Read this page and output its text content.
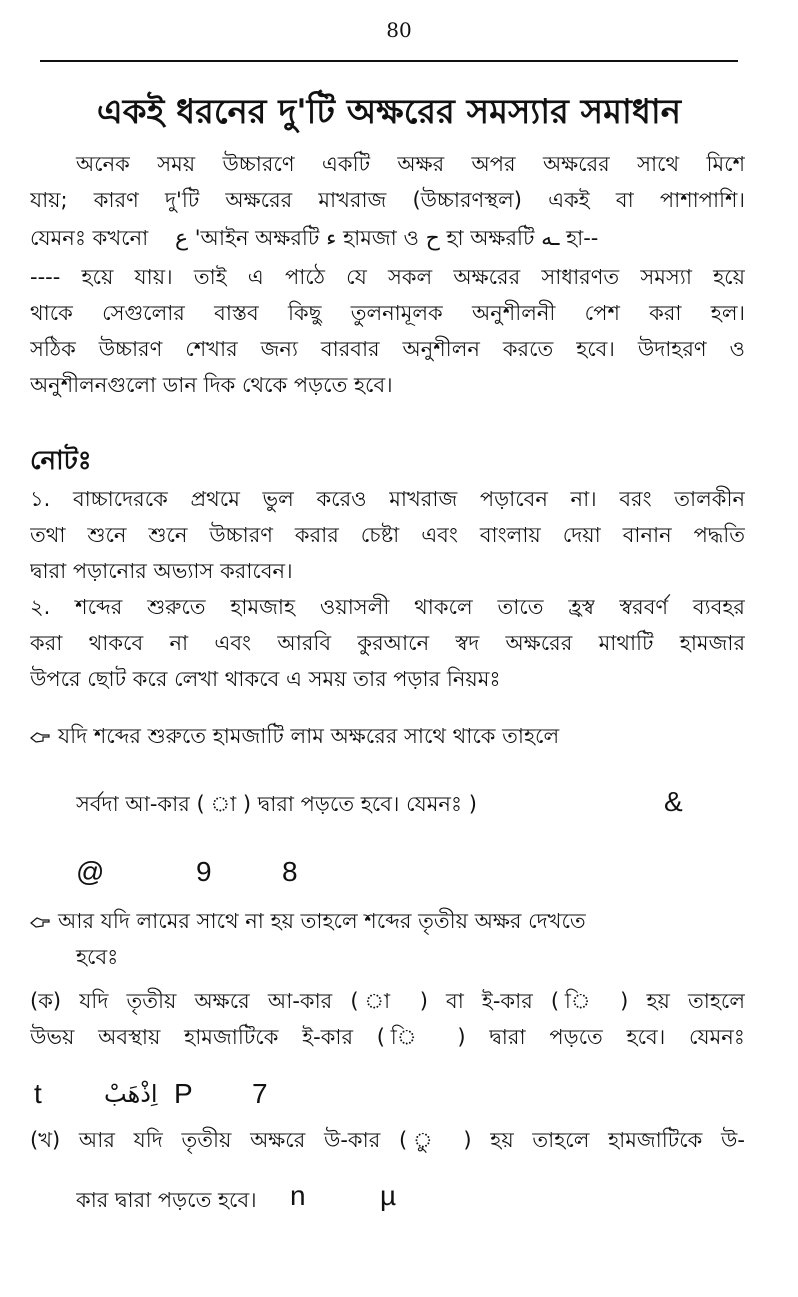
80
একই ধরনের দু'টি অক্ষরের সমস্যার সমাধান
অনেক সময় উচ্চারণে একটি অক্ষর অপর অক্ষরের সাথে মিশে
যায়; কারণ দু'টি অক্ষরের মাখরাজ (উচ্চারণস্থল) একই বা পাশাপাশি।
যেমনঃ কখনো ع 'আইন অক্ষরটি ء হামজা ও ح হা অক্ষরটি ـه হা--
---- হয়ে যায়। তাই এ পাঠে যে সকল অক্ষরের সাধারণত সমস্যা হয়ে
থাকে সেগুলোর বাস্তব কিছু তুলনামূলক অনুশীলনী পেশ করা হল।
সঠিক উচ্চারণ শেখার জন্য বারবার অনুশীলন করতে হবে। উদাহরণ ও
অনুশীলনগুলো ডান দিক থেকে পড়তে হবে।
নোটঃ
১. বাচ্চাদেরকে প্রথমে ভুল করেও মাখরাজ পড়াবেন না। বরং তালকীন
তথা শুনে শুনে উচ্চারণ করার চেষ্টা এবং বাংলায় দেয়া বানান পদ্ধতি
দ্বারা পড়ানোর অভ্যাস করাবেন।
২. শব্দের শুরুতে হামজাহ ওয়াসলী থাকলে তাতে হ্রস্ব স্বরবর্ণ ব্যবহর
করা থাকবে না এবং আরবি কুরআনে স্বদ অক্ষরের মাথাটি হামজার
উপরে ছোট করে লেখা থাকবে এ সময় তার পড়ার নিয়মঃ
যদি শব্দের শুরুতে হামজাটি লাম অক্ষরের সাথে থাকে তাহলে
সর্বদা আ-কার ( া ) দ্বারা পড়তে হবে। যেমনঃ )	&
@	9	8
আর যদি লামের সাথে না হয় তাহলে শব্দের তৃতীয় অক্ষর দেখতে
হবেঃ
(ক) যদি তৃতীয় অক্ষরে আ-কার ( া ) বা ই-কার ( ি ) হয় তাহলে
উভয় অবস্থায় হামজাটিকে ই-কার ( ি ) দ্বারা পড়তে হবে। যেমনঃ
t	اِذْهَبْ P 7
(খ) আর যদি তৃতীয় অক্ষরে উ-কার ( ু ) হয় তাহলে হামজাটিকে উ-
কার দ্বারা পড়তে হবে।	n	µ
